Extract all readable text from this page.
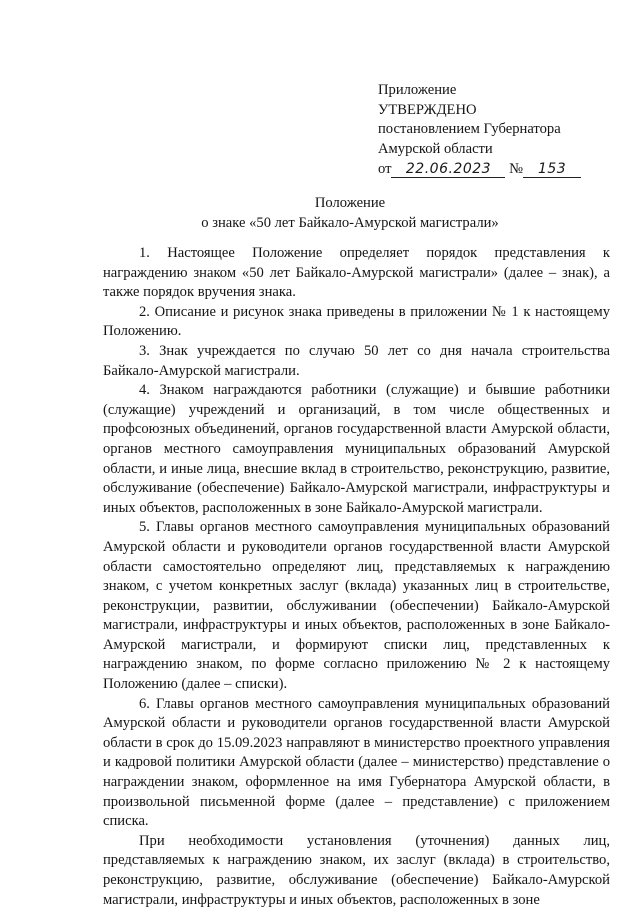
Приложение
УТВЕРЖДЕНО
постановлением Губернатора
Амурской области
от 22.06.2023 № 153
Положение
о знаке «50 лет Байкало-Амурской магистрали»

1. Настоящее Положение определяет порядок представления к награждению знаком «50 лет Байкало-Амурской магистрали» (далее – знак), а также порядок вручения знака.

2. Описание и рисунок знака приведены в приложении № 1 к настоящему Положению.

3. Знак учреждается по случаю 50 лет со дня начала строительства Байкало-Амурской магистрали.

4. Знаком награждаются работники (служащие) и бывшие работники (служащие) учреждений и организаций, в том числе общественных и профсоюзных объединений, органов государственной власти Амурской области, органов местного самоуправления муниципальных образований Амурской области, и иные лица, внесшие вклад в строительство, реконструкцию, развитие, обслуживание (обеспечение) Байкало-Амурской магистрали, инфраструктуры и иных объектов, расположенных в зоне Байкало-Амурской магистрали.

5. Главы органов местного самоуправления муниципальных образований Амурской области и руководители органов государственной власти Амурской области самостоятельно определяют лиц, представляемых к награждению знаком, с учетом конкретных заслуг (вклада) указанных лиц в строительстве, реконструкции, развитии, обслуживании (обеспечении) Байкало-Амурской магистрали, инфраструктуры и иных объектов, расположенных в зоне Байкало-Амурской магистрали, и формируют списки лиц, представленных к награждению знаком, по форме согласно приложению № 2 к настоящему Положению (далее – списки).

6. Главы органов местного самоуправления муниципальных образований Амурской области и руководители органов государственной власти Амурской области в срок до 15.09.2023 направляют в министерство проектного управления и кадровой политики Амурской области (далее – министерство) представление о награждении знаком, оформленное на имя Губернатора Амурской области, в произвольной письменной форме (далее – представление) с приложением списка.

При необходимости установления (уточнения) данных лиц, представляемых к награждению знаком, их заслуг (вклада) в строительство, реконструкцию, развитие, обслуживание (обеспечение) Байкало-Амурской магистрали, инфраструктуры и иных объектов, расположенных в зоне
